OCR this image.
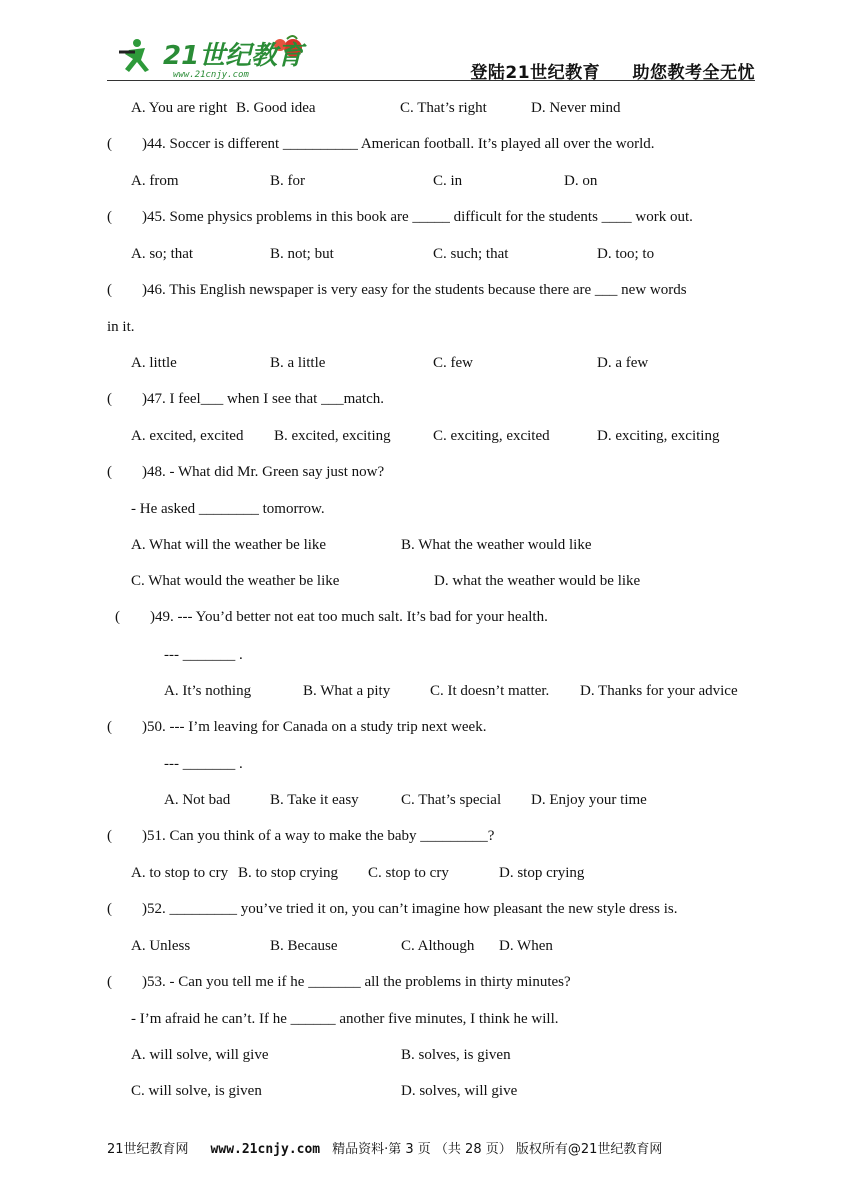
21世纪教育
www.21cnjy.com	登陆21世纪教育 助您教考全无忧
A. You are right B. Good idea	C. That’s right	D. Never mind
(　　)44. Soccer is different __________ American football. It’s played all over the world.
A. from	B. for	C. in	D. on
(　　)45. Some physics problems in this book are _____ difficult for the students ____ work out.
A. so; that	B. not; but	C. such; that	D. too; to
(　　)46. This English newspaper is very easy for the students because there are ___ new words
in it.
A. little	B. a little	C. few	D. a few
(　　)47. I feel___ when I see that ___match.
A. excited, excited B. excited, exciting	C. exciting, excited	D. exciting, exciting
(　　)48. - What did Mr. Green say just now?
- He asked ________ tomorrow.
A. What will the weather be like	B. What the weather would like
C. What would the weather be like	D. what the weather would be like
(　　)49. --- You’d better not eat too much salt. It’s bad for your health.
--- _______ .
A. It’s nothing	B. What a pity	C. It doesn’t matter. D. Thanks for your advice
(　　)50. --- I’m leaving for Canada on a study trip next week.
--- _______ .
A. Not bad	B. Take it easy	C. That’s special D. Enjoy your time
(　　)51. Can you think of a way to make the baby _________?
A. to stop to cry B. to stop crying C. stop to cry	D. stop crying
(　　)52. _________ you’ve tried it on, you can’t imagine how pleasant the new style dress is.
A. Unless	B. Because	C. Although D. When
(　　)53. - Can you tell me if he _______ all the problems in thirty minutes?
- I’m afraid he can’t. If he ______ another five minutes, I think he will.
A. will solve, will give	B. solves, is given
C. will solve, is given	D. solves, will give
21世纪教育网 www.21cnjy.com 精品资料·第 3 页 （共 28 页） 版权所有@21世纪教育网
